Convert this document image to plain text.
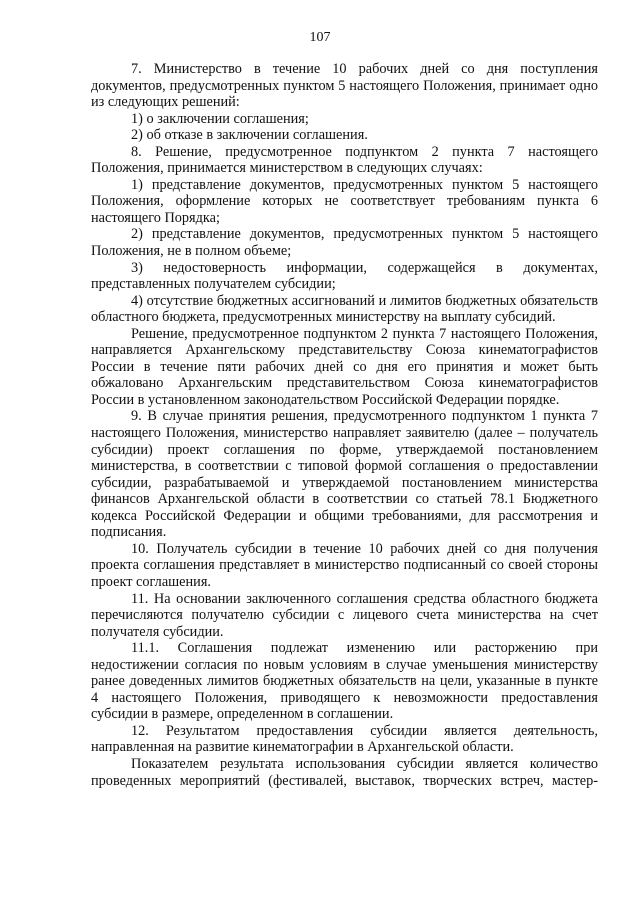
107

7. Министерство в течение 10 рабочих дней со дня поступления документов, предусмотренных пунктом 5 настоящего Положения, принимает одно из следующих решений:

1) о заключении соглашения;

2) об отказе в заключении соглашения.

8. Решение, предусмотренное подпунктом 2 пункта 7 настоящего Положения, принимается министерством в следующих случаях:

1) представление документов, предусмотренных пунктом 5 настоящего Положения, оформление которых не соответствует требованиям пункта 6 настоящего Порядка;

2) представление документов, предусмотренных пунктом 5 настоящего Положения, не в полном объеме;

3) недостоверность информации, содержащейся в документах, представленных получателем субсидии;

4) отсутствие бюджетных ассигнований и лимитов бюджетных обязательств областного бюджета, предусмотренных министерству на выплату субсидий.

Решение, предусмотренное подпунктом 2 пункта 7 настоящего Положения, направляется Архангельскому представительству Союза кинематографистов России в течение пяти рабочих дней со дня его принятия и может быть обжаловано Архангельским представительством Союза кинематографистов России в установленном законодательством Российской Федерации порядке.

9. В случае принятия решения, предусмотренного подпунктом 1 пункта 7 настоящего Положения, министерство направляет заявителю (далее – получатель субсидии) проект соглашения по форме, утверждаемой постановлением министерства, в соответствии с типовой формой соглашения о предоставлении субсидии, разрабатываемой и утверждаемой постановлением министерства финансов Архангельской области в соответствии со статьей 78.1 Бюджетного кодекса Российской Федерации и общими требованиями, для рассмотрения и подписания.

10. Получатель субсидии в течение 10 рабочих дней со дня получения проекта соглашения представляет в министерство подписанный со своей стороны проект соглашения.

11. На основании заключенного соглашения средства областного бюджета перечисляются получателю субсидии с лицевого счета министерства на счет получателя субсидии.

11.1. Соглашения подлежат изменению или расторжению при недостижении согласия по новым условиям в случае уменьшения министерству ранее доведенных лимитов бюджетных обязательств на цели, указанные в пункте 4 настоящего Положения, приводящего к невозможности предоставления субсидии в размере, определенном в соглашении.

12. Результатом предоставления субсидии является деятельность, направленная на развитие кинематографии в Архангельской области.

Показателем результата использования субсидии является количество проведенных мероприятий (фестивалей, выставок, творческих встреч, мастер-
